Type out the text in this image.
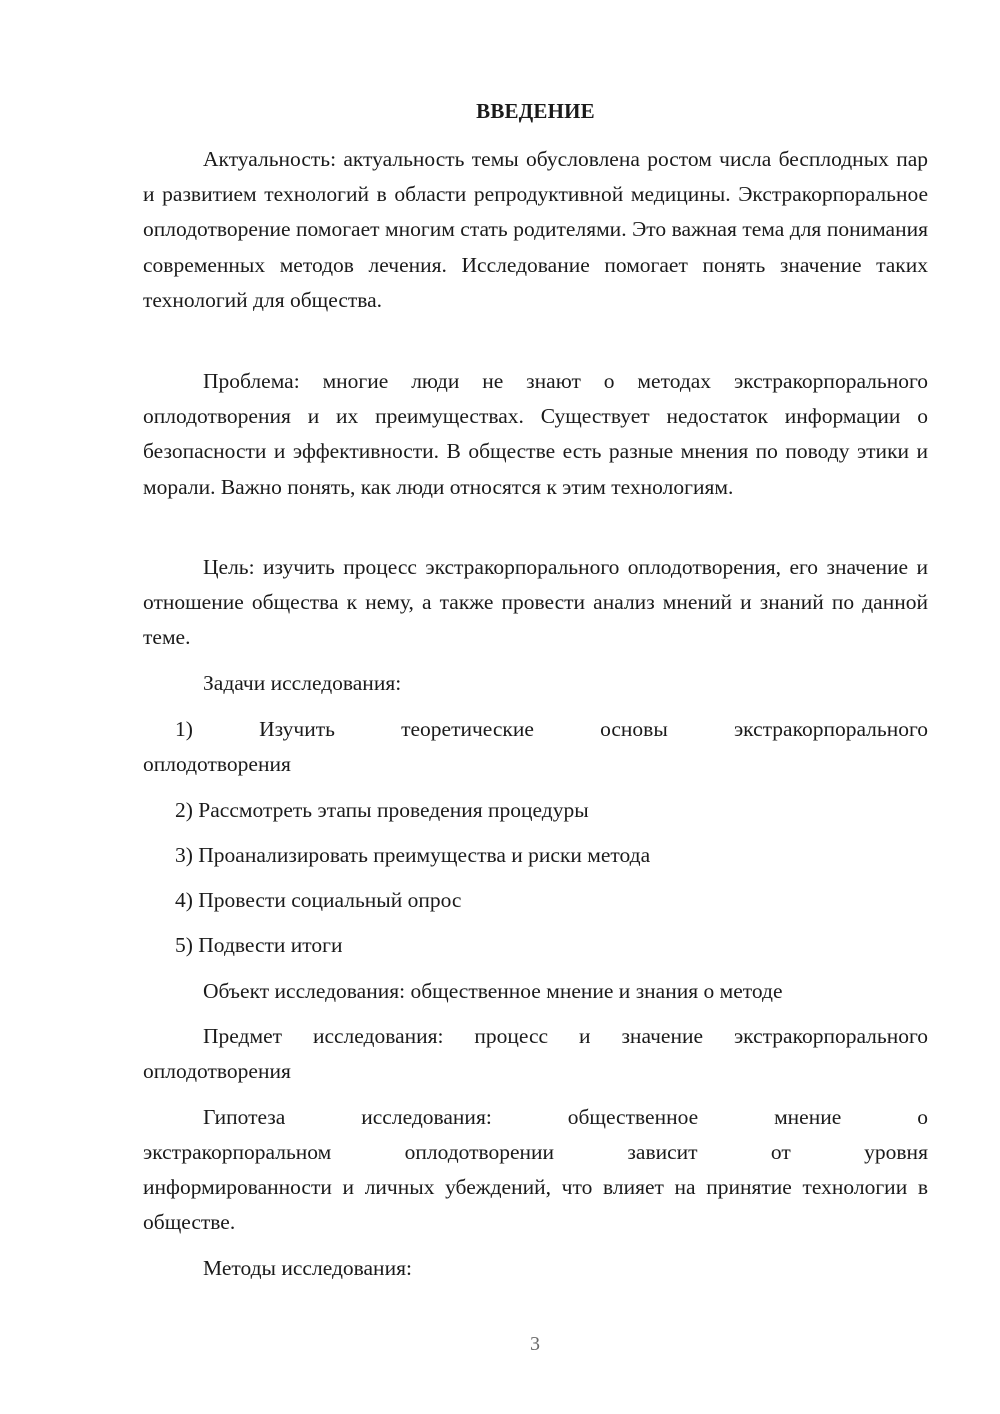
ВВЕДЕНИЕ

Актуальность: актуальность темы обусловлена ростом числа бесплодных пар и развитием технологий в области репродуктивной медицины. Экстракорпоральное оплодотворение помогает многим стать родителями. Это важная тема для понимания современных методов лечения. Исследование помогает понять значение таких технологий для общества.

Проблема: многие люди не знают о методах экстракорпорального оплодотворения и их преимуществах. Существует недостаток информации о безопасности и эффективности. В обществе есть разные мнения по поводу этики и морали. Важно понять, как люди относятся к этим технологиям.

Цель: изучить процесс экстракорпорального оплодотворения, его значение и отношение общества к нему, а также провести анализ мнений и знаний по данной теме.

Задачи исследования:

1)	Изучить	теоретические	основы	экстракорпорального
оплодотворения

2) Рассмотреть этапы проведения процедуры

3) Проанализировать преимущества и риски метода

4) Провести социальный опрос

5) Подвести итоги

Объект исследования: общественное мнение и знания о методе

Предмет исследования: процесс и значение экстракорпорального оплодотворения

Гипотеза	исследования:	общественное	мнение	о
экстракорпоральном	оплодотворении	зависит	от	уровня

информированности и личных убеждений, что влияет на принятие технологии в обществе.

Методы исследования:

3
